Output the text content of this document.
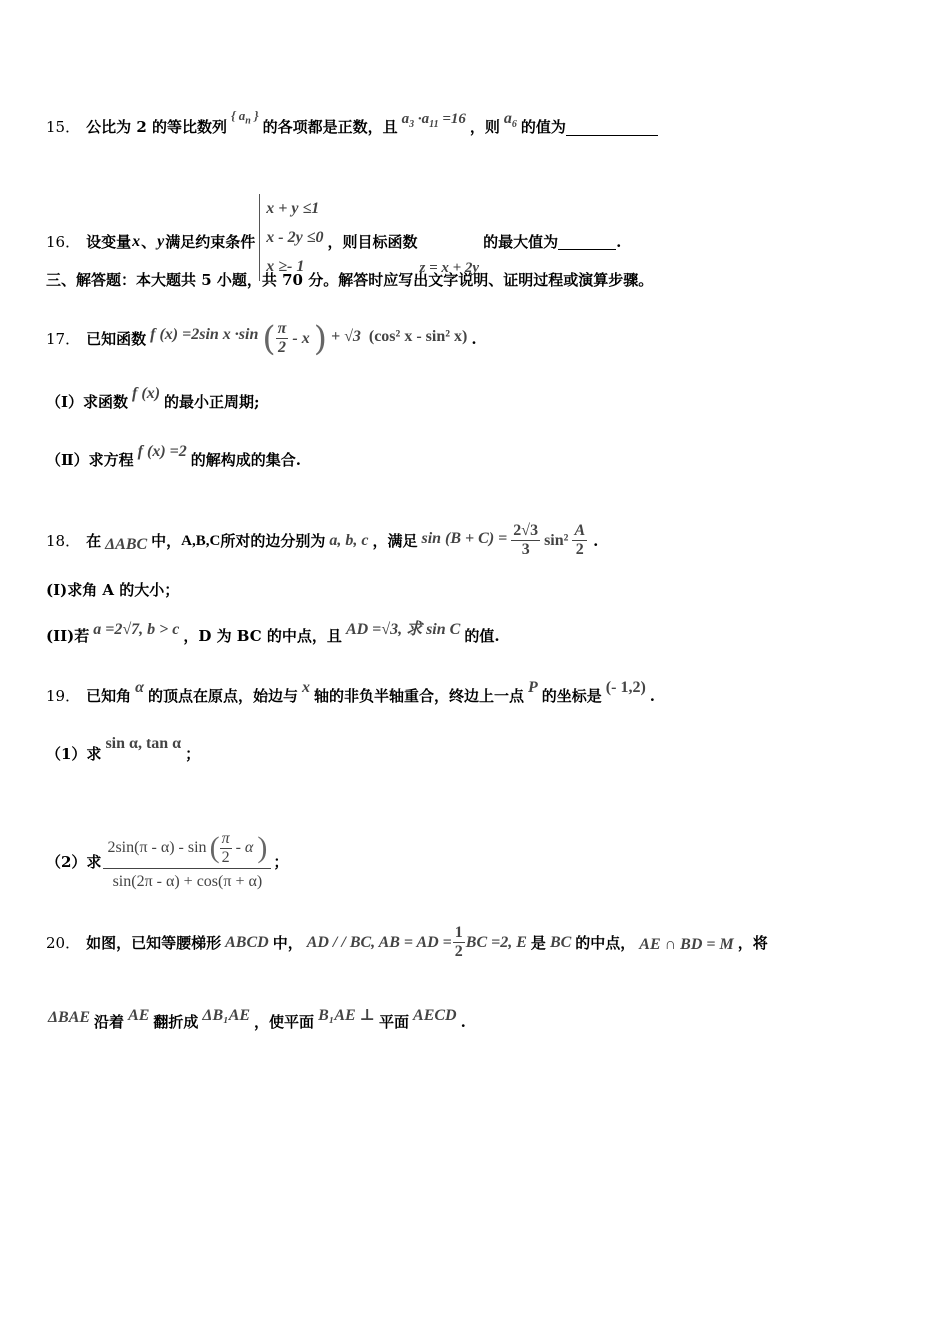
15． 公比为 2 的等比数列
{ $a_n$ }
的各项都是正数，且 $a_3 \cdot a_{11} =16$ ，则 $a_6$ 的值为
16． 设变量 x 、 y 满足约束条件
x + y ≤1
x - 2y ≤0
x ≥- 1
， 则目标函数
z = x + 2y
的最大值为	.
三、解答题：本大题共 5 小题，共 70 分。解答时应写出文字说明、证明过程或演算步骤。
17． 已知函数 f (x) =2sin x ·sin ( $\frac{\pi}{2}$ - x ) + √3 (cos² x - sin² x) .
（Ⅰ）求函数 f (x) 的最小正周期;
（Ⅱ）求方程 f (x) =2 的解构成的集合.
18． 在 ΔABC 中， A,B,C 所对的边分别为 a, b, c ，满足 $\sin (B + C) = \frac{2√3}{3} \sin^2 \frac{A}{2}$ .
(I)求角 A 的大小；
(II)若 a =2√7, b > c ，D 为 BC 的中点，且 AD =√3, 求 sin C 的值.
19． 已知角 α 的顶点在原点，始边与 x 轴的非负半轴重合，终边上一点 P 的坐标是 (- 1,2) .
（1）求
sin α, tan α
；
（2）求 $\frac{2\sin(\pi - \alpha) - \sin ( \frac{\pi}{2} - \alpha )}{\sin(2\pi - \alpha) + \cos(\pi + \alpha)}$ ；
20． 如图，已知等腰梯形 ABCD 中， AD / / BC, AB = AD = $\frac{1}{2}$ BC =2, E 是 BC 的中点， AE ∩ BD = M ，将
ΔBAE 沿着 AE 翻折成 ΔB₁AE ，使平面 B₁AE ⊥ 平面 AECD .
